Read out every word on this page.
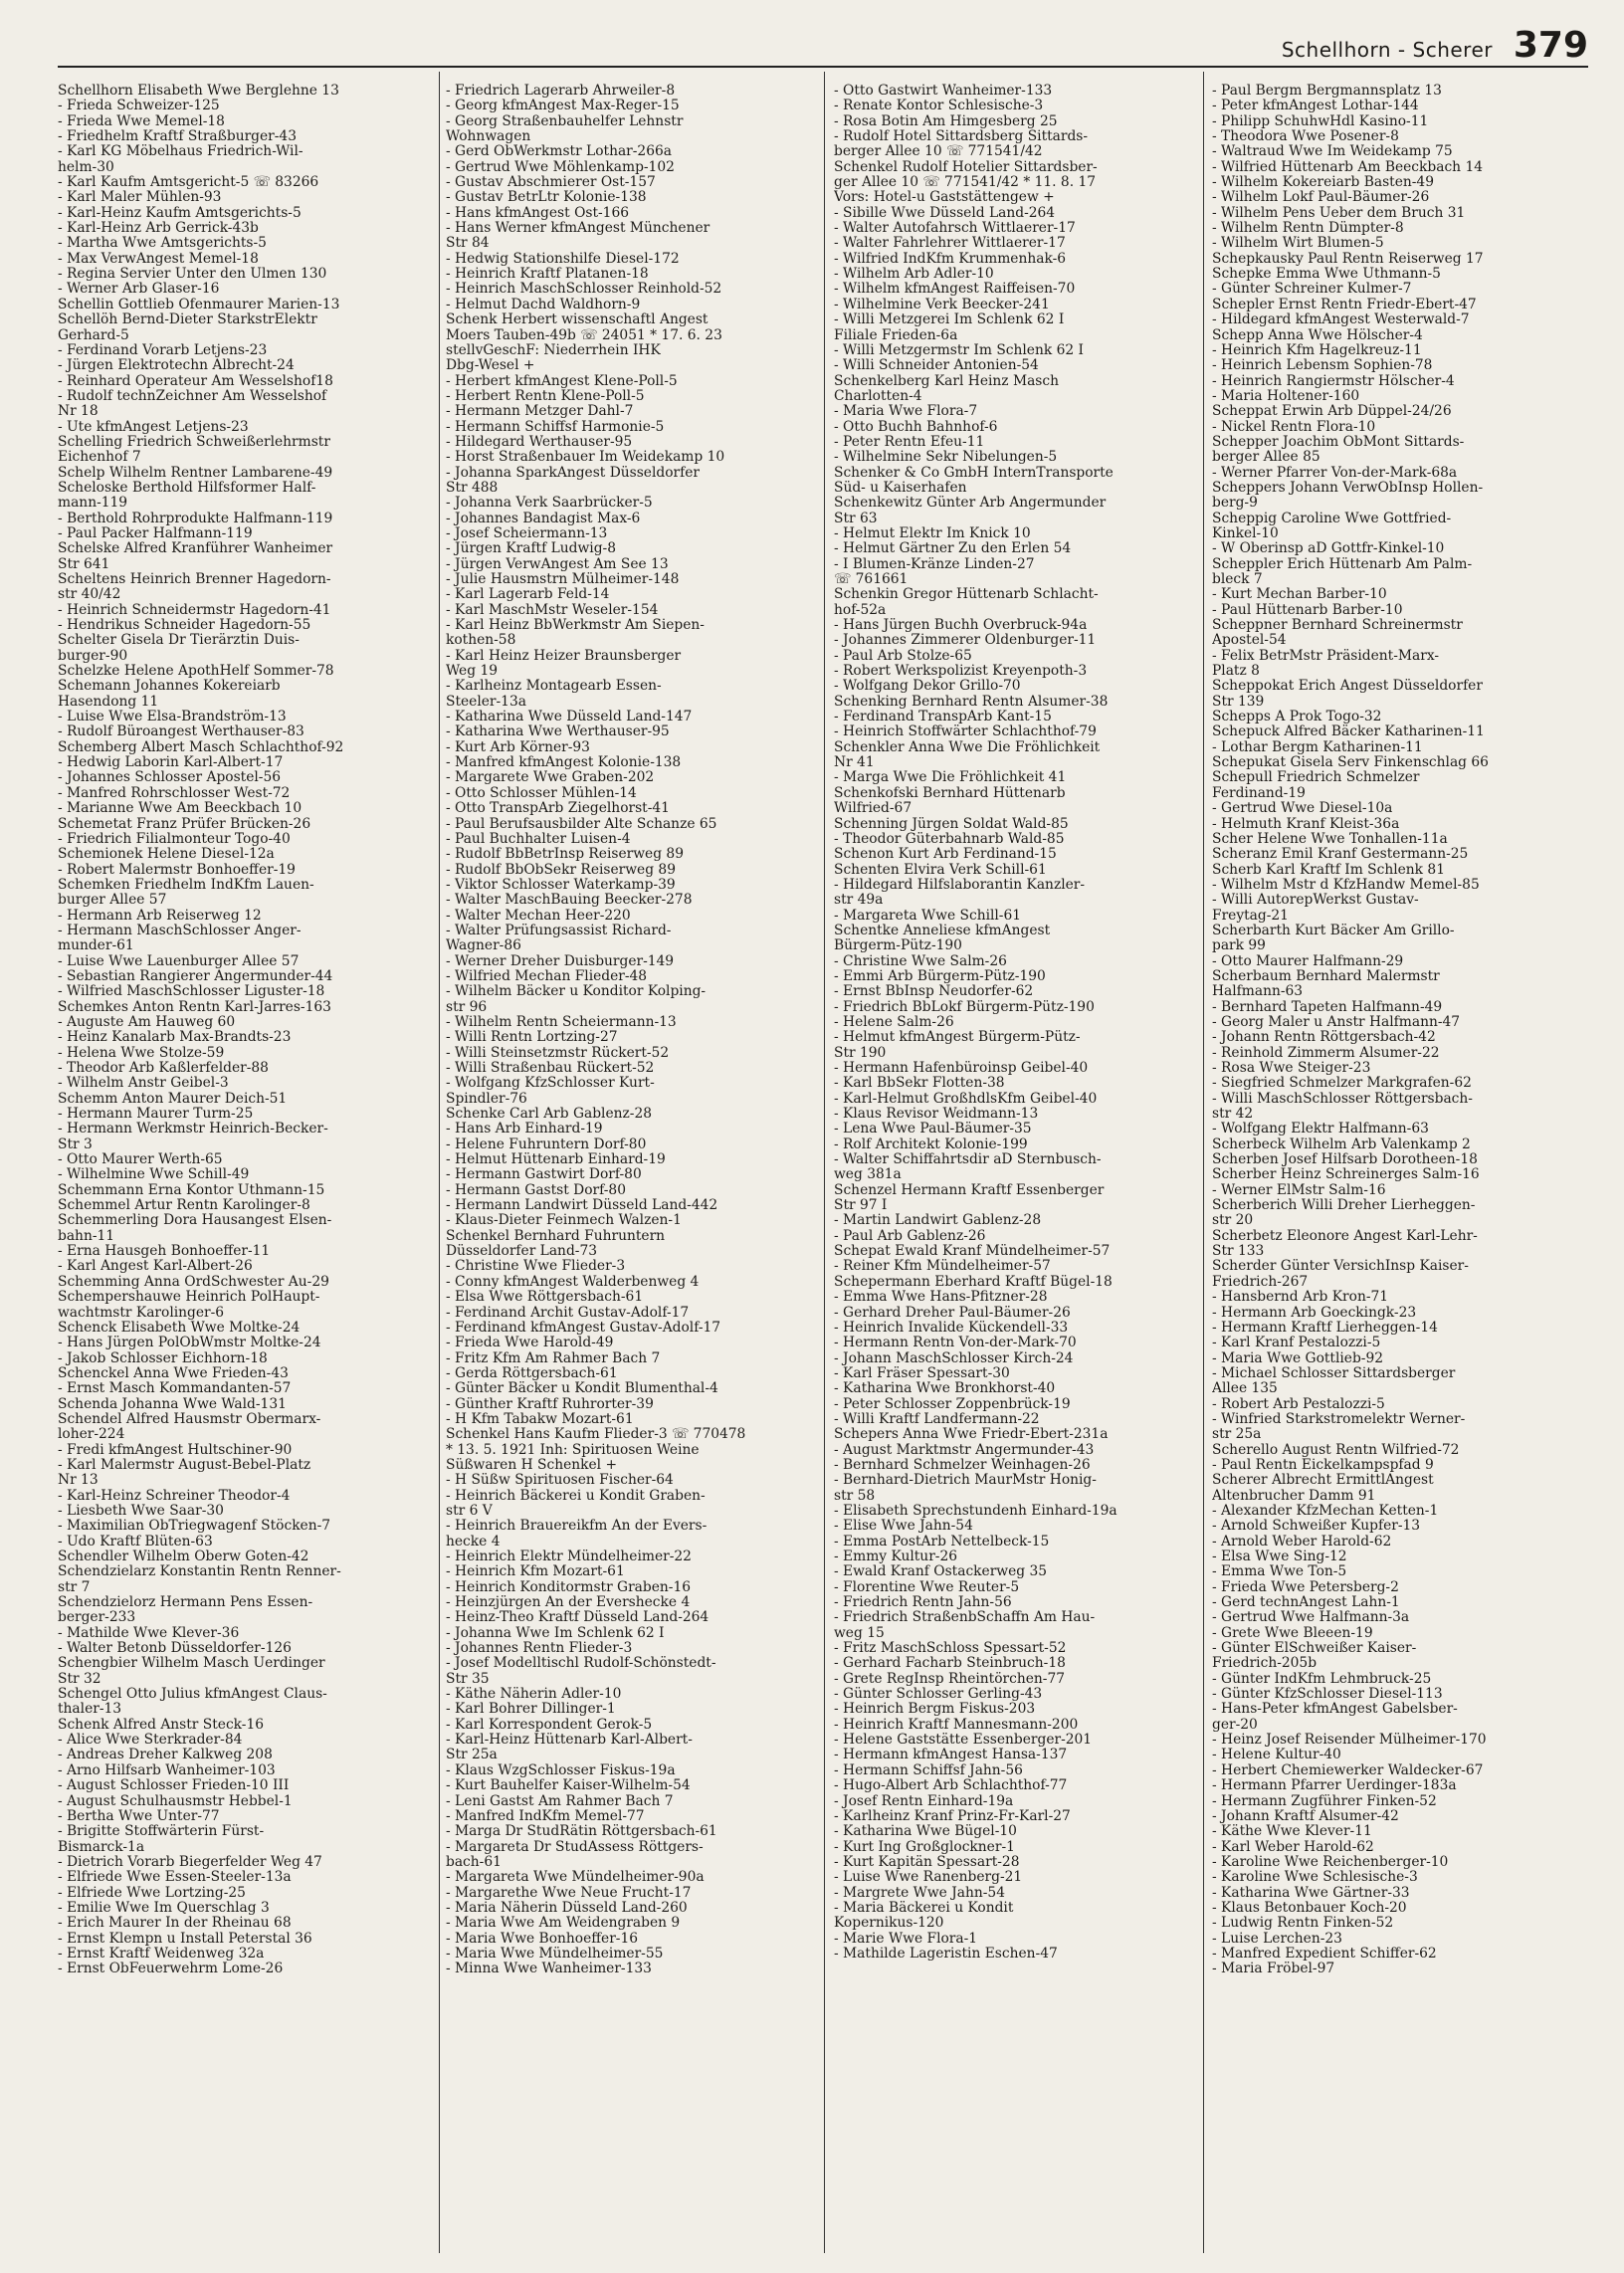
Schellhorn - Scherer 379
Schellhorn Elisabeth Wwe Berglehne 13
- Frieda Schweizer-125
- Frieda Wwe Memel-18
- Friedhelm Kraftf Straßburger-43
- Karl KG Möbelhaus Friedrich-Wil-
helm-30
- Karl Kaufm Amtsgericht-5 ☏ 83266
- Karl Maler Mühlen-93
- Karl-Heinz Kaufm Amtsgerichts-5
- Karl-Heinz Arb Gerrick-43b
- Martha Wwe Amtsgerichts-5
- Max VerwAngest Memel-18
- Regina Servier Unter den Ulmen 130
- Werner Arb Glaser-16
Schellin Gottlieb Ofenmaurer Marien-13
Schellöh Bernd-Dieter StarkstrElektr
Gerhard-5
- Ferdinand Vorarb Letjens-23
- Jürgen Elektrotechn Albrecht-24
- Reinhard Operateur Am Wesselshof18
- Rudolf technZeichner Am Wesselshof
Nr 18
- Ute kfmAngest Letjens-23
Schelling Friedrich Schweißerlehrmstr
Eichenhof 7
Schelp Wilhelm Rentner Lambarene-49
Scheloske Berthold Hilfsformer Half-
mann-119
- Berthold Rohrprodukte Halfmann-119
- Paul Packer Halfmann-119
Schelske Alfred Kranführer Wanheimer
Str 641
Scheltens Heinrich Brenner Hagedorn-
str 40/42
- Heinrich Schneidermstr Hagedorn-41
- Hendrikus Schneider Hagedorn-55
Schelter Gisela Dr Tierärztin Duis-
burger-90
Schelzke Helene ApothHelf Sommer-78
Schemann Johannes Kokereiarb
Hasendong 11
- Luise Wwe Elsa-Brandström-13
- Rudolf Büroangest Werthauser-83
Schemberg Albert Masch Schlachthof-92
- Hedwig Laborin Karl-Albert-17
- Johannes Schlosser Apostel-56
- Manfred Rohrschlosser West-72
- Marianne Wwe Am Beeckbach 10
Schemetat Franz Prüfer Brücken-26
- Friedrich Filialmonteur Togo-40
Schemionek Helene Diesel-12a
- Robert Malermstr Bonhoeffer-19
Schemken Friedhelm IndKfm Lauen-
burger Allee 57
- Hermann Arb Reiserweg 12
- Hermann MaschSchlosser Anger-
munder-61
- Luise Wwe Lauenburger Allee 57
- Sebastian Rangierer Angermunder-44
- Wilfried MaschSchlosser Liguster-18
Schemkes Anton Rentn Karl-Jarres-163
- Auguste Am Hauweg 60
- Heinz Kanalarb Max-Brandts-23
- Helena Wwe Stolze-59
- Theodor Arb Kaßlerfelder-88
- Wilhelm Anstr Geibel-3
Schemm Anton Maurer Deich-51
- Hermann Maurer Turm-25
- Hermann Werkmstr Heinrich-Becker-
Str 3
- Otto Maurer Werth-65
- Wilhelmine Wwe Schill-49
Schemmann Erna Kontor Uthmann-15
Schemmel Artur Rentn Karolinger-8
Schemmerling Dora Hausangest Elsen-
bahn-11
- Erna Hausgeh Bonhoeffer-11
- Karl Angest Karl-Albert-26
Schemming Anna OrdSchwester Au-29
Schempershauwe Heinrich PolHaupt-
wachtmstr Karolinger-6
Schenck Elisabeth Wwe Moltke-24
- Hans Jürgen PolObWmstr Moltke-24
- Jakob Schlosser Eichhorn-18
Schenckel Anna Wwe Frieden-43
- Ernst Masch Kommandanten-57
Schenda Johanna Wwe Wald-131
Schendel Alfred Hausmstr Obermarx-
loher-224
- Fredi kfmAngest Hultschiner-90
- Karl Malermstr August-Bebel-Platz
Nr 13
- Karl-Heinz Schreiner Theodor-4
- Liesbeth Wwe Saar-30
- Maximilian ObTriegwagenf Stöcken-7
- Udo Kraftf Blüten-63
Schendler Wilhelm Oberw Goten-42
Schendzielarz Konstantin Rentn Renner-
str 7
Schendzielorz Hermann Pens Essen-
berger-233
- Mathilde Wwe Klever-36
- Walter Betonb Düsseldorfer-126
Schengbier Wilhelm Masch Uerdinger
Str 32
Schengel Otto Julius kfmAngest Claus-
thaler-13
Schenk Alfred Anstr Steck-16
- Alice Wwe Sterkrader-84
- Andreas Dreher Kalkweg 208
- Arno Hilfsarb Wanheimer-103
- August Schlosser Frieden-10 III
- August Schulhausmstr Hebbel-1
- Bertha Wwe Unter-77
- Brigitte Stoffwärterin Fürst-
Bismarck-1a
- Dietrich Vorarb Biegerfelder Weg 47
- Elfriede Wwe Essen-Steeler-13a
- Elfriede Wwe Lortzing-25
- Emilie Wwe Im Querschlag 3
- Erich Maurer In der Rheinau 68
- Ernst Klempn u Install Peterstal 36
- Ernst Kraftf Weidenweg 32a
- Ernst ObFeuerwehrm Lome-26
- Friedrich Lagerarb Ahrweiler-8
- Georg kfmAngest Max-Reger-15
- Georg Straßenbauhelfer Lehnstr
Wohnwagen
- Gerd ObWerkmstr Lothar-266a
- Gertrud Wwe Möhlenkamp-102
- Gustav Abschmierer Ost-157
- Gustav BetrLtr Kolonie-138
- Hans kfmAngest Ost-166
- Hans Werner kfmAngest Münchener
Str 84
- Hedwig Stationshilfe Diesel-172
- Heinrich Kraftf Platanen-18
- Heinrich MaschSchlosser Reinhold-52
- Helmut Dachd Waldhorn-9
Schenk Herbert wissenschaftl Angest
Moers Tauben-49b ☏ 24051 * 17. 6. 23
stellvGeschF: Niederrhein IHK
Dbg-Wesel +
- Herbert kfmAngest Klene-Poll-5
- Herbert Rentn Klene-Poll-5
- Hermann Metzger Dahl-7
- Hermann Schiffsf Harmonie-5
- Hildegard Werthauser-95
- Horst Straßenbauer Im Weidekamp 10
- Johanna SparkAngest Düsseldorfer
Str 488
- Johanna Verk Saarbrücker-5
- Johannes Bandagist Max-6
- Josef Scheiermann-13
- Jürgen Kraftf Ludwig-8
- Jürgen VerwAngest Am See 13
- Julie Hausmstrn Mülheimer-148
- Karl Lagerarb Feld-14
- Karl MaschMstr Weseler-154
- Karl Heinz BbWerkmstr Am Siepen-
kothen-58
- Karl Heinz Heizer Braunsberger
Weg 19
- Karlheinz Montagearb Essen-
Steeler-13a
- Katharina Wwe Düsseld Land-147
- Katharina Wwe Werthauser-95
- Kurt Arb Körner-93
- Manfred kfmAngest Kolonie-138
- Margarete Wwe Graben-202
- Otto Schlosser Mühlen-14
- Otto TranspArb Ziegelhorst-41
- Paul Berufsausbilder Alte Schanze 65
- Paul Buchhalter Luisen-4
- Rudolf BbBetrInsp Reiserweg 89
- Rudolf BbObSekr Reiserweg 89
- Viktor Schlosser Waterkamp-39
- Walter MaschBauing Beecker-278
- Walter Mechan Heer-220
- Walter Prüfungsassist Richard-
Wagner-86
- Werner Dreher Duisburger-149
- Wilfried Mechan Flieder-48
- Wilhelm Bäcker u Konditor Kolping-
str 96
- Wilhelm Rentn Scheiermann-13
- Willi Rentn Lortzing-27
- Willi Steinsetzmstr Rückert-52
- Willi Straßenbau Rückert-52
- Wolfgang KfzSchlosser Kurt-
Spindler-76
Schenke Carl Arb Gablenz-28
- Hans Arb Einhard-19
- Helene Fuhruntern Dorf-80
- Helmut Hüttenarb Einhard-19
- Hermann Gastwirt Dorf-80
- Hermann Gastst Dorf-80
- Hermann Landwirt Düsseld Land-442
- Klaus-Dieter Feinmech Walzen-1
Schenkel Bernhard Fuhruntern
Düsseldorfer Land-73
- Christine Wwe Flieder-3
- Conny kfmAngest Walderbenweg 4
- Elsa Wwe Röttgersbach-61
- Ferdinand Archit Gustav-Adolf-17
- Ferdinand kfmAngest Gustav-Adolf-17
- Frieda Wwe Harold-49
- Fritz Kfm Am Rahmer Bach 7
- Gerda Röttgersbach-61
- Günter Bäcker u Kondit Blumenthal-4
- Günther Kraftf Ruhrorter-39
- H Kfm Tabakw Mozart-61
Schenkel Hans Kaufm Flieder-3 ☏ 770478
* 13. 5. 1921 Inh: Spirituosen Weine
Süßwaren H Schenkel +
- H Süßw Spirituosen Fischer-64
- Heinrich Bäckerei u Kondit Graben-
str 6 V
- Heinrich Brauereikfm An der Evers-
hecke 4
- Heinrich Elektr Mündelheimer-22
- Heinrich Kfm Mozart-61
- Heinrich Konditormstr Graben-16
- Heinzjürgen An der Evershecke 4
- Heinz-Theo Kraftf Düsseld Land-264
- Johanna Wwe Im Schlenk 62 I
- Johannes Rentn Flieder-3
- Josef Modelltischl Rudolf-Schönstedt-
Str 35
- Käthe Näherin Adler-10
- Karl Bohrer Dillinger-1
- Karl Korrespondent Gerok-5
- Karl-Heinz Hüttenarb Karl-Albert-
Str 25a
- Klaus WzgSchlosser Fiskus-19a
- Kurt Bauhelfer Kaiser-Wilhelm-54
- Leni Gastst Am Rahmer Bach 7
- Manfred IndKfm Memel-77
- Marga Dr StudRätin Röttgersbach-61
- Margareta Dr StudAssess Röttgers-
bach-61
- Margareta Wwe Mündelheimer-90a
- Margarethe Wwe Neue Frucht-17
- Maria Näherin Düsseld Land-260
- Maria Wwe Am Weidengraben 9
- Maria Wwe Bonhoeffer-16
- Maria Wwe Mündelheimer-55
- Minna Wwe Wanheimer-133
- Otto Gastwirt Wanheimer-133
- Renate Kontor Schlesische-3
- Rosa Botin Am Himgesberg 25
- Rudolf Hotel Sittardsberg Sittards-
berger Allee 10 ☏ 771541/42
Schenkel Rudolf Hotelier Sittardsber-
ger Allee 10 ☏ 771541/42 * 11. 8. 17
Vors: Hotel-u Gaststättengew +
- Sibille Wwe Düsseld Land-264
- Walter Autofahrsch Wittlaerer-17
- Walter Fahrlehrer Wittlaerer-17
- Wilfried IndKfm Krummenhak-6
- Wilhelm Arb Adler-10
- Wilhelm kfmAngest Raiffeisen-70
- Wilhelmine Verk Beecker-241
- Willi Metzgerei Im Schlenk 62 I
Filiale Frieden-6a
- Willi Metzgermstr Im Schlenk 62 I
- Willi Schneider Antonien-54
Schenkelberg Karl Heinz Masch
Charlotten-4
- Maria Wwe Flora-7
- Otto Buchh Bahnhof-6
- Peter Rentn Efeu-11
- Wilhelmine Sekr Nibelungen-5
Schenker & Co GmbH InternTransporte
Süd- u Kaiserhafen
Schenkewitz Günter Arb Angermunder
Str 63
- Helmut Elektr Im Knick 10
- Helmut Gärtner Zu den Erlen 54
- I Blumen-Kränze Linden-27
☏ 761661
Schenkin Gregor Hüttenarb Schlacht-
hof-52a
- Hans Jürgen Buchh Overbruck-94a
- Johannes Zimmerer Oldenburger-11
- Paul Arb Stolze-65
- Robert Werkspolizist Kreyenpoth-3
- Wolfgang Dekor Grillo-70
Schenking Bernhard Rentn Alsumer-38
- Ferdinand TranspArb Kant-15
- Heinrich Stoffwärter Schlachthof-79
Schenkler Anna Wwe Die Fröhlichkeit
Nr 41
- Marga Wwe Die Fröhlichkeit 41
Schenkofski Bernhard Hüttenarb
Wilfried-67
Schenning Jürgen Soldat Wald-85
- Theodor Güterbahnarb Wald-85
Schenon Kurt Arb Ferdinand-15
Schenten Elvira Verk Schill-61
- Hildegard Hilfslaborantin Kanzler-
str 49a
- Margareta Wwe Schill-61
Schentke Anneliese kfmAngest
Bürgerm-Pütz-190
- Christine Wwe Salm-26
- Emmi Arb Bürgerm-Pütz-190
- Ernst BbInsp Neudorfer-62
- Friedrich BbLokf Bürgerm-Pütz-190
- Helene Salm-26
- Helmut kfmAngest Bürgerm-Pütz-
Str 190
- Hermann Hafenbüroinsp Geibel-40
- Karl BbSekr Flotten-38
- Karl-Helmut GroßhdlsKfm Geibel-40
- Klaus Revisor Weidmann-13
- Lena Wwe Paul-Bäumer-35
- Rolf Architekt Kolonie-199
- Walter Schiffahrtsdir aD Sternbusch-
weg 381a
Schenzel Hermann Kraftf Essenberger
Str 97 I
- Martin Landwirt Gablenz-28
- Paul Arb Gablenz-26
Schepat Ewald Kranf Mündelheimer-57
- Reiner Kfm Mündelheimer-57
Schepermann Eberhard Kraftf Bügel-18
- Emma Wwe Hans-Pfitzner-28
- Gerhard Dreher Paul-Bäumer-26
- Heinrich Invalide Kückendell-33
- Hermann Rentn Von-der-Mark-70
- Johann MaschSchlosser Kirch-24
- Karl Fräser Spessart-30
- Katharina Wwe Bronkhorst-40
- Peter Schlosser Zoppenbrück-19
- Willi Kraftf Landfermann-22
Schepers Anna Wwe Friedr-Ebert-231a
- August Marktmstr Angermunder-43
- Bernhard Schmelzer Weinhagen-26
- Bernhard-Dietrich MaurMstr Honig-
str 58
- Elisabeth Sprechstundenh Einhard-19a
- Elise Wwe Jahn-54
- Emma PostArb Nettelbeck-15
- Emmy Kultur-26
- Ewald Kranf Ostackerweg 35
- Florentine Wwe Reuter-5
- Friedrich Rentn Jahn-56
- Friedrich StraßenbSchaffn Am Hau-
weg 15
- Fritz MaschSchloss Spessart-52
- Gerhard Facharb Steinbruch-18
- Grete RegInsp Rheintörchen-77
- Günter Schlosser Gerling-43
- Heinrich Bergm Fiskus-203
- Heinrich Kraftf Mannesmann-200
- Helene Gaststätte Essenberger-201
- Hermann kfmAngest Hansa-137
- Hermann Schiffsf Jahn-56
- Hugo-Albert Arb Schlachthof-77
- Josef Rentn Einhard-19a
- Karlheinz Kranf Prinz-Fr-Karl-27
- Katharina Wwe Bügel-10
- Kurt Ing Großglockner-1
- Kurt Kapitän Spessart-28
- Luise Wwe Ranenberg-21
- Margrete Wwe Jahn-54
- Maria Bäckerei u Kondit
Kopernikus-120
- Marie Wwe Flora-1
- Mathilde Lageristin Eschen-47
- Paul Bergm Bergmannsplatz 13
- Peter kfmAngest Lothar-144
- Philipp SchuhwHdl Kasino-11
- Theodora Wwe Posener-8
- Waltraud Wwe Im Weidekamp 75
- Wilfried Hüttenarb Am Beeckbach 14
- Wilhelm Kokereiarb Basten-49
- Wilhelm Lokf Paul-Bäumer-26
- Wilhelm Pens Ueber dem Bruch 31
- Wilhelm Rentn Dümpter-8
- Wilhelm Wirt Blumen-5
Schepkausky Paul Rentn Reiserweg 17
Schepke Emma Wwe Uthmann-5
- Günter Schreiner Kulmer-7
Schepler Ernst Rentn Friedr-Ebert-47
- Hildegard kfmAngest Westerwald-7
Schepp Anna Wwe Hölscher-4
- Heinrich Kfm Hagelkreuz-11
- Heinrich Lebensm Sophien-78
- Heinrich Rangiermstr Hölscher-4
- Maria Holtener-160
Scheppat Erwin Arb Düppel-24/26
- Nickel Rentn Flora-10
Schepper Joachim ObMont Sittards-
berger Allee 85
- Werner Pfarrer Von-der-Mark-68a
Scheppers Johann VerwObInsp Hollen-
berg-9
Scheppig Caroline Wwe Gottfried-
Kinkel-10
- W Oberinsp aD Gottfr-Kinkel-10
Scheppler Erich Hüttenarb Am Palm-
bleck 7
- Kurt Mechan Barber-10
- Paul Hüttenarb Barber-10
Scheppner Bernhard Schreinermstr
Apostel-54
- Felix BetrMstr Präsident-Marx-
Platz 8
Scheppokat Erich Angest Düsseldorfer
Str 139
Schepps A Prok Togo-32
Schepuck Alfred Bäcker Katharinen-11
- Lothar Bergm Katharinen-11
Schepukat Gisela Serv Finkenschlag 66
Schepull Friedrich Schmelzer
Ferdinand-19
- Gertrud Wwe Diesel-10a
- Helmuth Kranf Kleist-36a
Scher Helene Wwe Tonhallen-11a
Scheranz Emil Kranf Gestermann-25
Scherb Karl Kraftf Im Schlenk 81
- Wilhelm Mstr d KfzHandw Memel-85
- Willi AutorepWerkst Gustav-
Freytag-21
Scherbarth Kurt Bäcker Am Grillo-
park 99
- Otto Maurer Halfmann-29
Scherbaum Bernhard Malermstr
Halfmann-63
- Bernhard Tapeten Halfmann-49
- Georg Maler u Anstr Halfmann-47
- Johann Rentn Röttgersbach-42
- Reinhold Zimmerm Alsumer-22
- Rosa Wwe Steiger-23
- Siegfried Schmelzer Markgrafen-62
- Willi MaschSchlosser Röttgersbach-
str 42
- Wolfgang Elektr Halfmann-63
Scherbeck Wilhelm Arb Valenkamp 2
Scherben Josef Hilfsarb Dorotheen-18
Scherber Heinz Schreinerges Salm-16
- Werner ElMstr Salm-16
Scherberich Willi Dreher Lierheggen-
str 20
Scherbetz Eleonore Angest Karl-Lehr-
Str 133
Scherder Günter VersichInsp Kaiser-
Friedrich-267
- Hansbernd Arb Kron-71
- Hermann Arb Goeckingk-23
- Hermann Kraftf Lierheggen-14
- Karl Kranf Pestalozzi-5
- Maria Wwe Gottlieb-92
- Michael Schlosser Sittardsberger
Allee 135
- Robert Arb Pestalozzi-5
- Winfried Starkstromelektr Werner-
str 25a
Scherello August Rentn Wilfried-72
- Paul Rentn Eickelkampspfad 9
Scherer Albrecht ErmittlAngest
Altenbrucher Damm 91
- Alexander KfzMechan Ketten-1
- Arnold Schweißer Kupfer-13
- Arnold Weber Harold-62
- Elsa Wwe Sing-12
- Emma Wwe Ton-5
- Frieda Wwe Petersberg-2
- Gerd technAngest Lahn-1
- Gertrud Wwe Halfmann-3a
- Grete Wwe Bleeen-19
- Günter ElSchweißer Kaiser-
Friedrich-205b
- Günter IndKfm Lehmbruck-25
- Günter KfzSchlosser Diesel-113
- Hans-Peter kfmAngest Gabelsber-
ger-20
- Heinz Josef Reisender Mülheimer-170
- Helene Kultur-40
- Herbert Chemiewerker Waldecker-67
- Hermann Pfarrer Uerdinger-183a
- Hermann Zugführer Finken-52
- Johann Kraftf Alsumer-42
- Käthe Wwe Klever-11
- Karl Weber Harold-62
- Karoline Wwe Reichenberger-10
- Karoline Wwe Schlesische-3
- Katharina Wwe Gärtner-33
- Klaus Betonbauer Koch-20
- Ludwig Rentn Finken-52
- Luise Lerchen-23
- Manfred Expedient Schiffer-62
- Maria Fröbel-97
